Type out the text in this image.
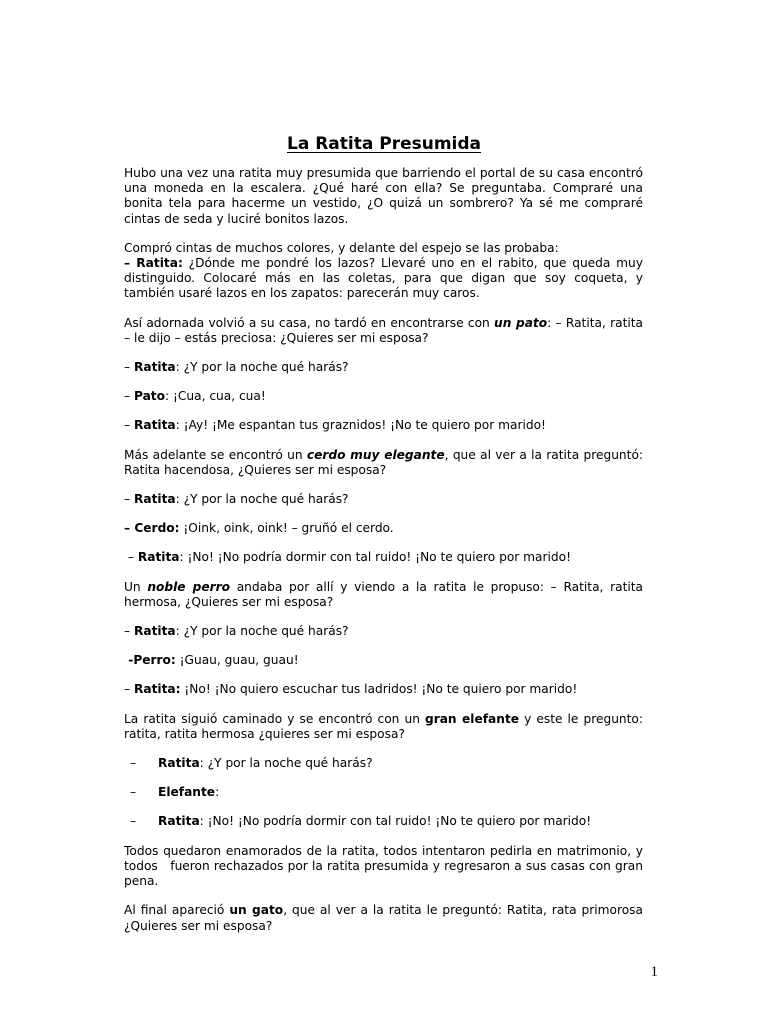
La Ratita Presumida

Hubo una vez una ratita muy presumida que barriendo el portal de su casa encontró una moneda en la escalera. ¿Qué haré con ella? Se preguntaba. Compraré una bonita tela para hacerme un vestido, ¿O quizá un sombrero? Ya sé me compraré cintas de seda y luciré bonitos lazos.

Compró cintas de muchos colores, y delante del espejo se las probaba:
– Ratita: ¿Dónde me pondré los lazos? Llevaré uno en el rabito, que queda muy distinguido. Colocaré más en las coletas, para que digan que soy coqueta, y también usaré lazos en los zapatos: parecerán muy caros.

Así adornada volvió a su casa, no tardó en encontrarse con un pato: – Ratita, ratita – le dijo – estás preciosa: ¿Quieres ser mi esposa?

– Ratita: ¿Y por la noche qué harás?

– Pato: ¡Cua, cua, cua!

– Ratita: ¡Ay! ¡Me espantan tus graznidos! ¡No te quiero por marido!

Más adelante se encontró un cerdo muy elegante, que al ver a la ratita preguntó: Ratita hacendosa, ¿Quieres ser mi esposa?

– Ratita: ¿Y por la noche qué harás?

– Cerdo: ¡Oink, oink, oink! – gruñó el cerdo.

– Ratita: ¡No! ¡No podría dormir con tal ruido! ¡No te quiero por marido!

Un noble perro andaba por allí y viendo a la ratita le propuso: – Ratita, ratita hermosa, ¿Quieres ser mi esposa?

– Ratita: ¿Y por la noche qué harás?

-Perro: ¡Guau, guau, guau!

– Ratita: ¡No! ¡No quiero escuchar tus ladridos! ¡No te quiero por marido!

La ratita siguió caminado y se encontró con un gran elefante y este le pregunto: ratita, ratita hermosa ¿quieres ser mi esposa?

–	Ratita: ¿Y por la noche qué harás?
–	Elefante:
–	Ratita: ¡No! ¡No podría dormir con tal ruido! ¡No te quiero por marido!

Todos quedaron enamorados de la ratita, todos intentaron pedirla en matrimonio, y todos   fueron rechazados por la ratita presumida y regresaron a sus casas con gran pena.

Al final apareció un gato, que al ver a la ratita le preguntó: Ratita, rata primorosa ¿Quieres ser mi esposa?

1
